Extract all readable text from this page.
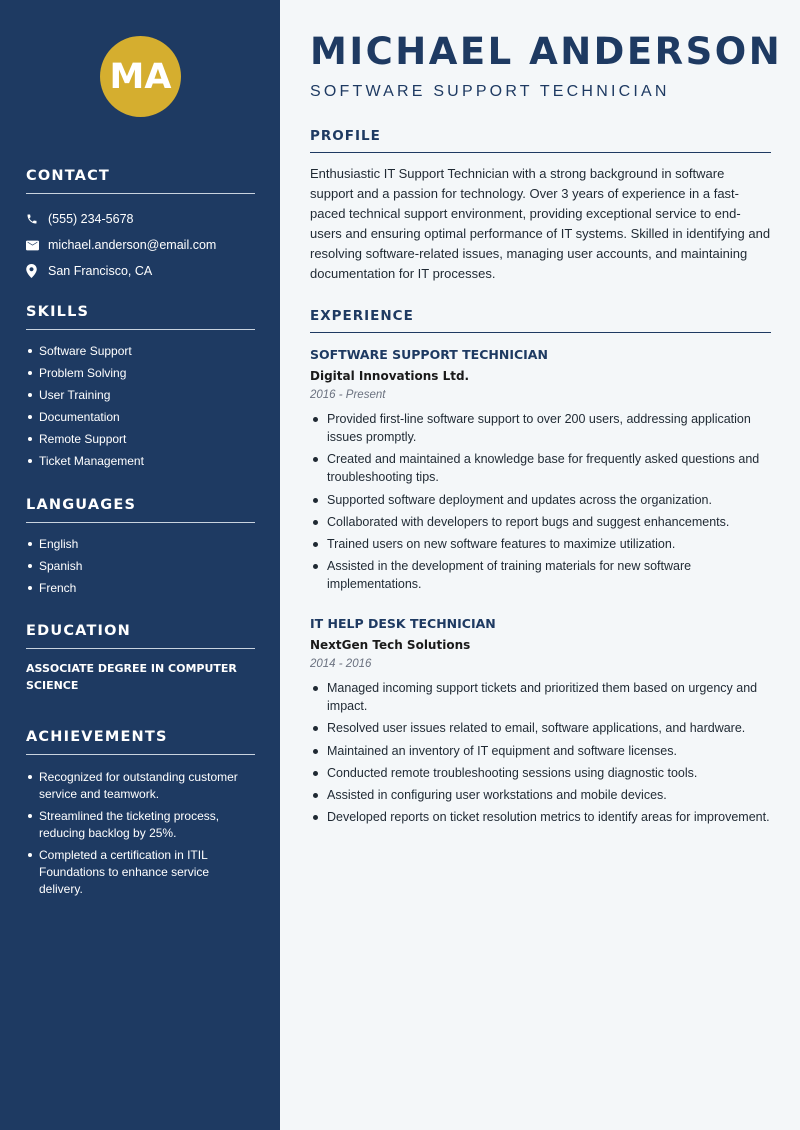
MA
CONTACT
(555) 234-5678
michael.anderson@email.com
San Francisco, CA
SKILLS
Software Support
Problem Solving
User Training
Documentation
Remote Support
Ticket Management
LANGUAGES
English
Spanish
French
EDUCATION
ASSOCIATE DEGREE IN COMPUTER SCIENCE
ACHIEVEMENTS
Recognized for outstanding customer service and teamwork.
Streamlined the ticketing process, reducing backlog by 25%.
Completed a certification in ITIL Foundations to enhance service delivery.
MICHAEL ANDERSON
SOFTWARE SUPPORT TECHNICIAN
PROFILE

Enthusiastic IT Support Technician with a strong background in software support and a passion for technology. Over 3 years of experience in a fast-paced technical support environment, providing exceptional service to end-users and ensuring optimal performance of IT systems. Skilled in identifying and resolving software-related issues, managing user accounts, and maintaining documentation for IT processes.

EXPERIENCE
SOFTWARE SUPPORT TECHNICIAN
Digital Innovations Ltd.
2016 - Present
Provided first-line software support to over 200 users, addressing application issues promptly.
Created and maintained a knowledge base for frequently asked questions and troubleshooting tips.
Supported software deployment and updates across the organization.
Collaborated with developers to report bugs and suggest enhancements.
Trained users on new software features to maximize utilization.
Assisted in the development of training materials for new software implementations.
IT HELP DESK TECHNICIAN
NextGen Tech Solutions
2014 - 2016
Managed incoming support tickets and prioritized them based on urgency and impact.
Resolved user issues related to email, software applications, and hardware.
Maintained an inventory of IT equipment and software licenses.
Conducted remote troubleshooting sessions using diagnostic tools.
Assisted in configuring user workstations and mobile devices.
Developed reports on ticket resolution metrics to identify areas for improvement.
